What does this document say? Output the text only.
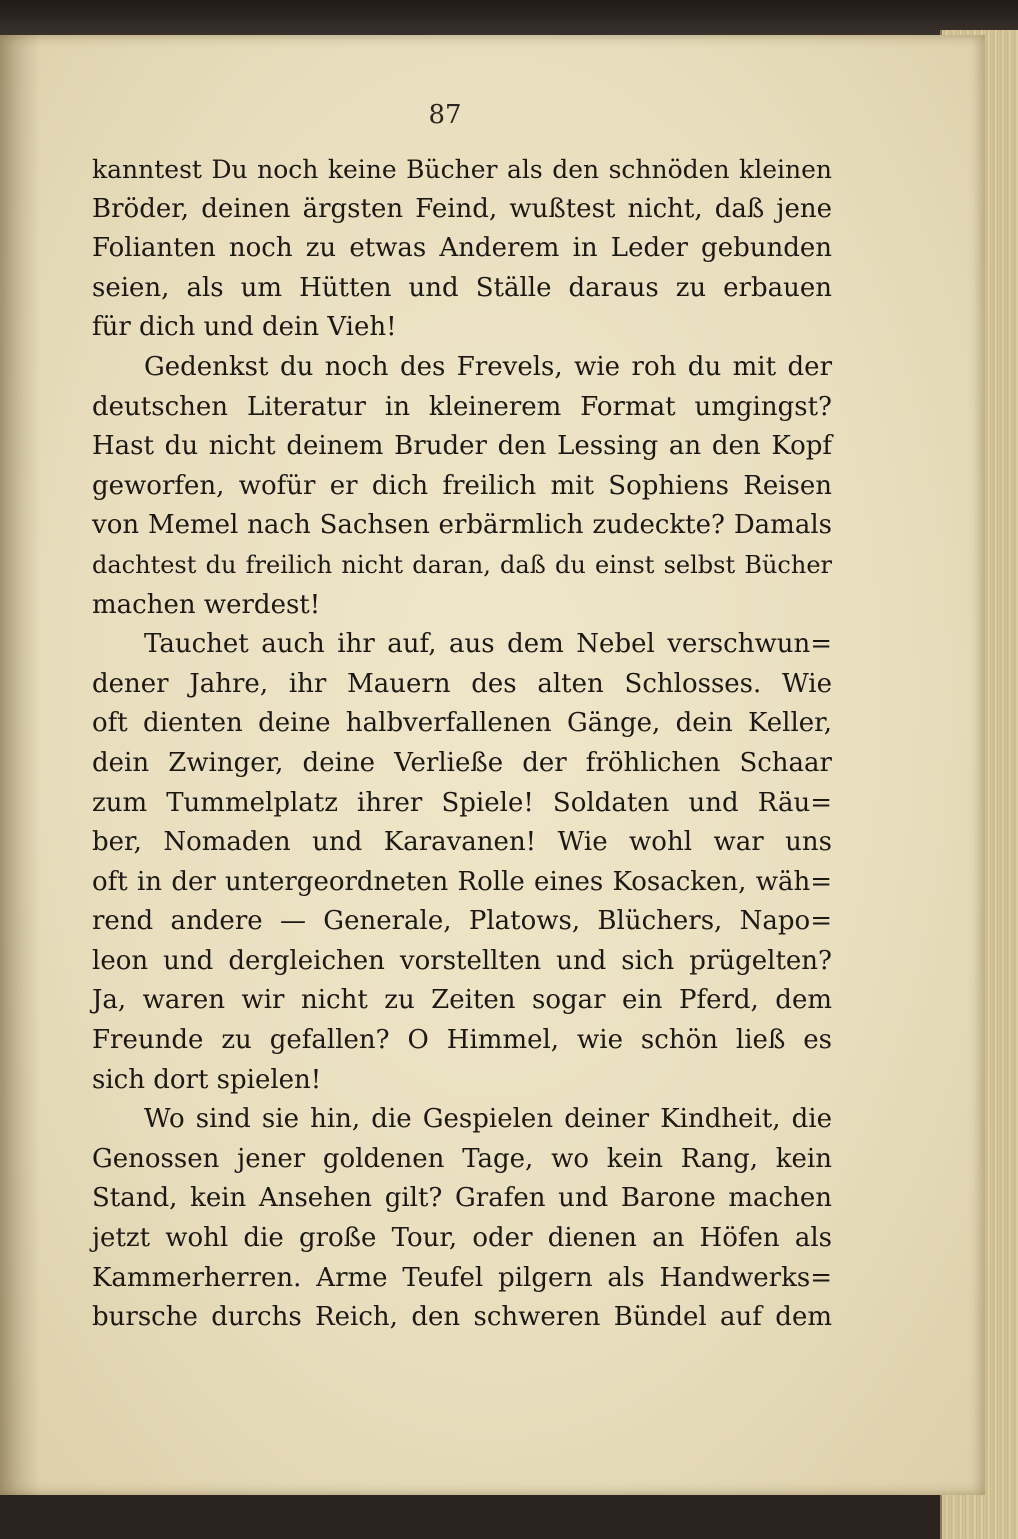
87
kanntest Du noch keine Bücher als den schnöden kleinen
Bröder, deinen ärgsten Feind, wußtest nicht, daß jene
Folianten noch zu etwas Anderem in Leder gebunden
seien, als um Hütten und Ställe daraus zu erbauen
für dich und dein Vieh!
Gedenkst du noch des Frevels, wie roh du mit der
deutschen Literatur in kleinerem Format umgingst?
Hast du nicht deinem Bruder den Lessing an den Kopf
geworfen, wofür er dich freilich mit Sophiens Reisen
von Memel nach Sachsen erbärmlich zudeckte? Damals
dachtest du freilich nicht daran, daß du einst selbst Bücher
machen werdest!
Tauchet auch ihr auf, aus dem Nebel verschwun=
dener Jahre, ihr Mauern des alten Schlosses. Wie
oft dienten deine halbverfallenen Gänge, dein Keller,
dein Zwinger, deine Verließe der fröhlichen Schaar
zum Tummelplatz ihrer Spiele! Soldaten und Räu=
ber, Nomaden und Karavanen! Wie wohl war uns
oft in der untergeordneten Rolle eines Kosacken, wäh=
rend andere — Generale, Platows, Blüchers, Napo=
leon und dergleichen vorstellten und sich prügelten?
Ja, waren wir nicht zu Zeiten sogar ein Pferd, dem
Freunde zu gefallen? O Himmel, wie schön ließ es
sich dort spielen!
Wo sind sie hin, die Gespielen deiner Kindheit, die
Genossen jener goldenen Tage, wo kein Rang, kein
Stand, kein Ansehen gilt? Grafen und Barone machen
jetzt wohl die große Tour, oder dienen an Höfen als
Kammerherren. Arme Teufel pilgern als Handwerks=
bursche durchs Reich, den schweren Bündel auf dem
